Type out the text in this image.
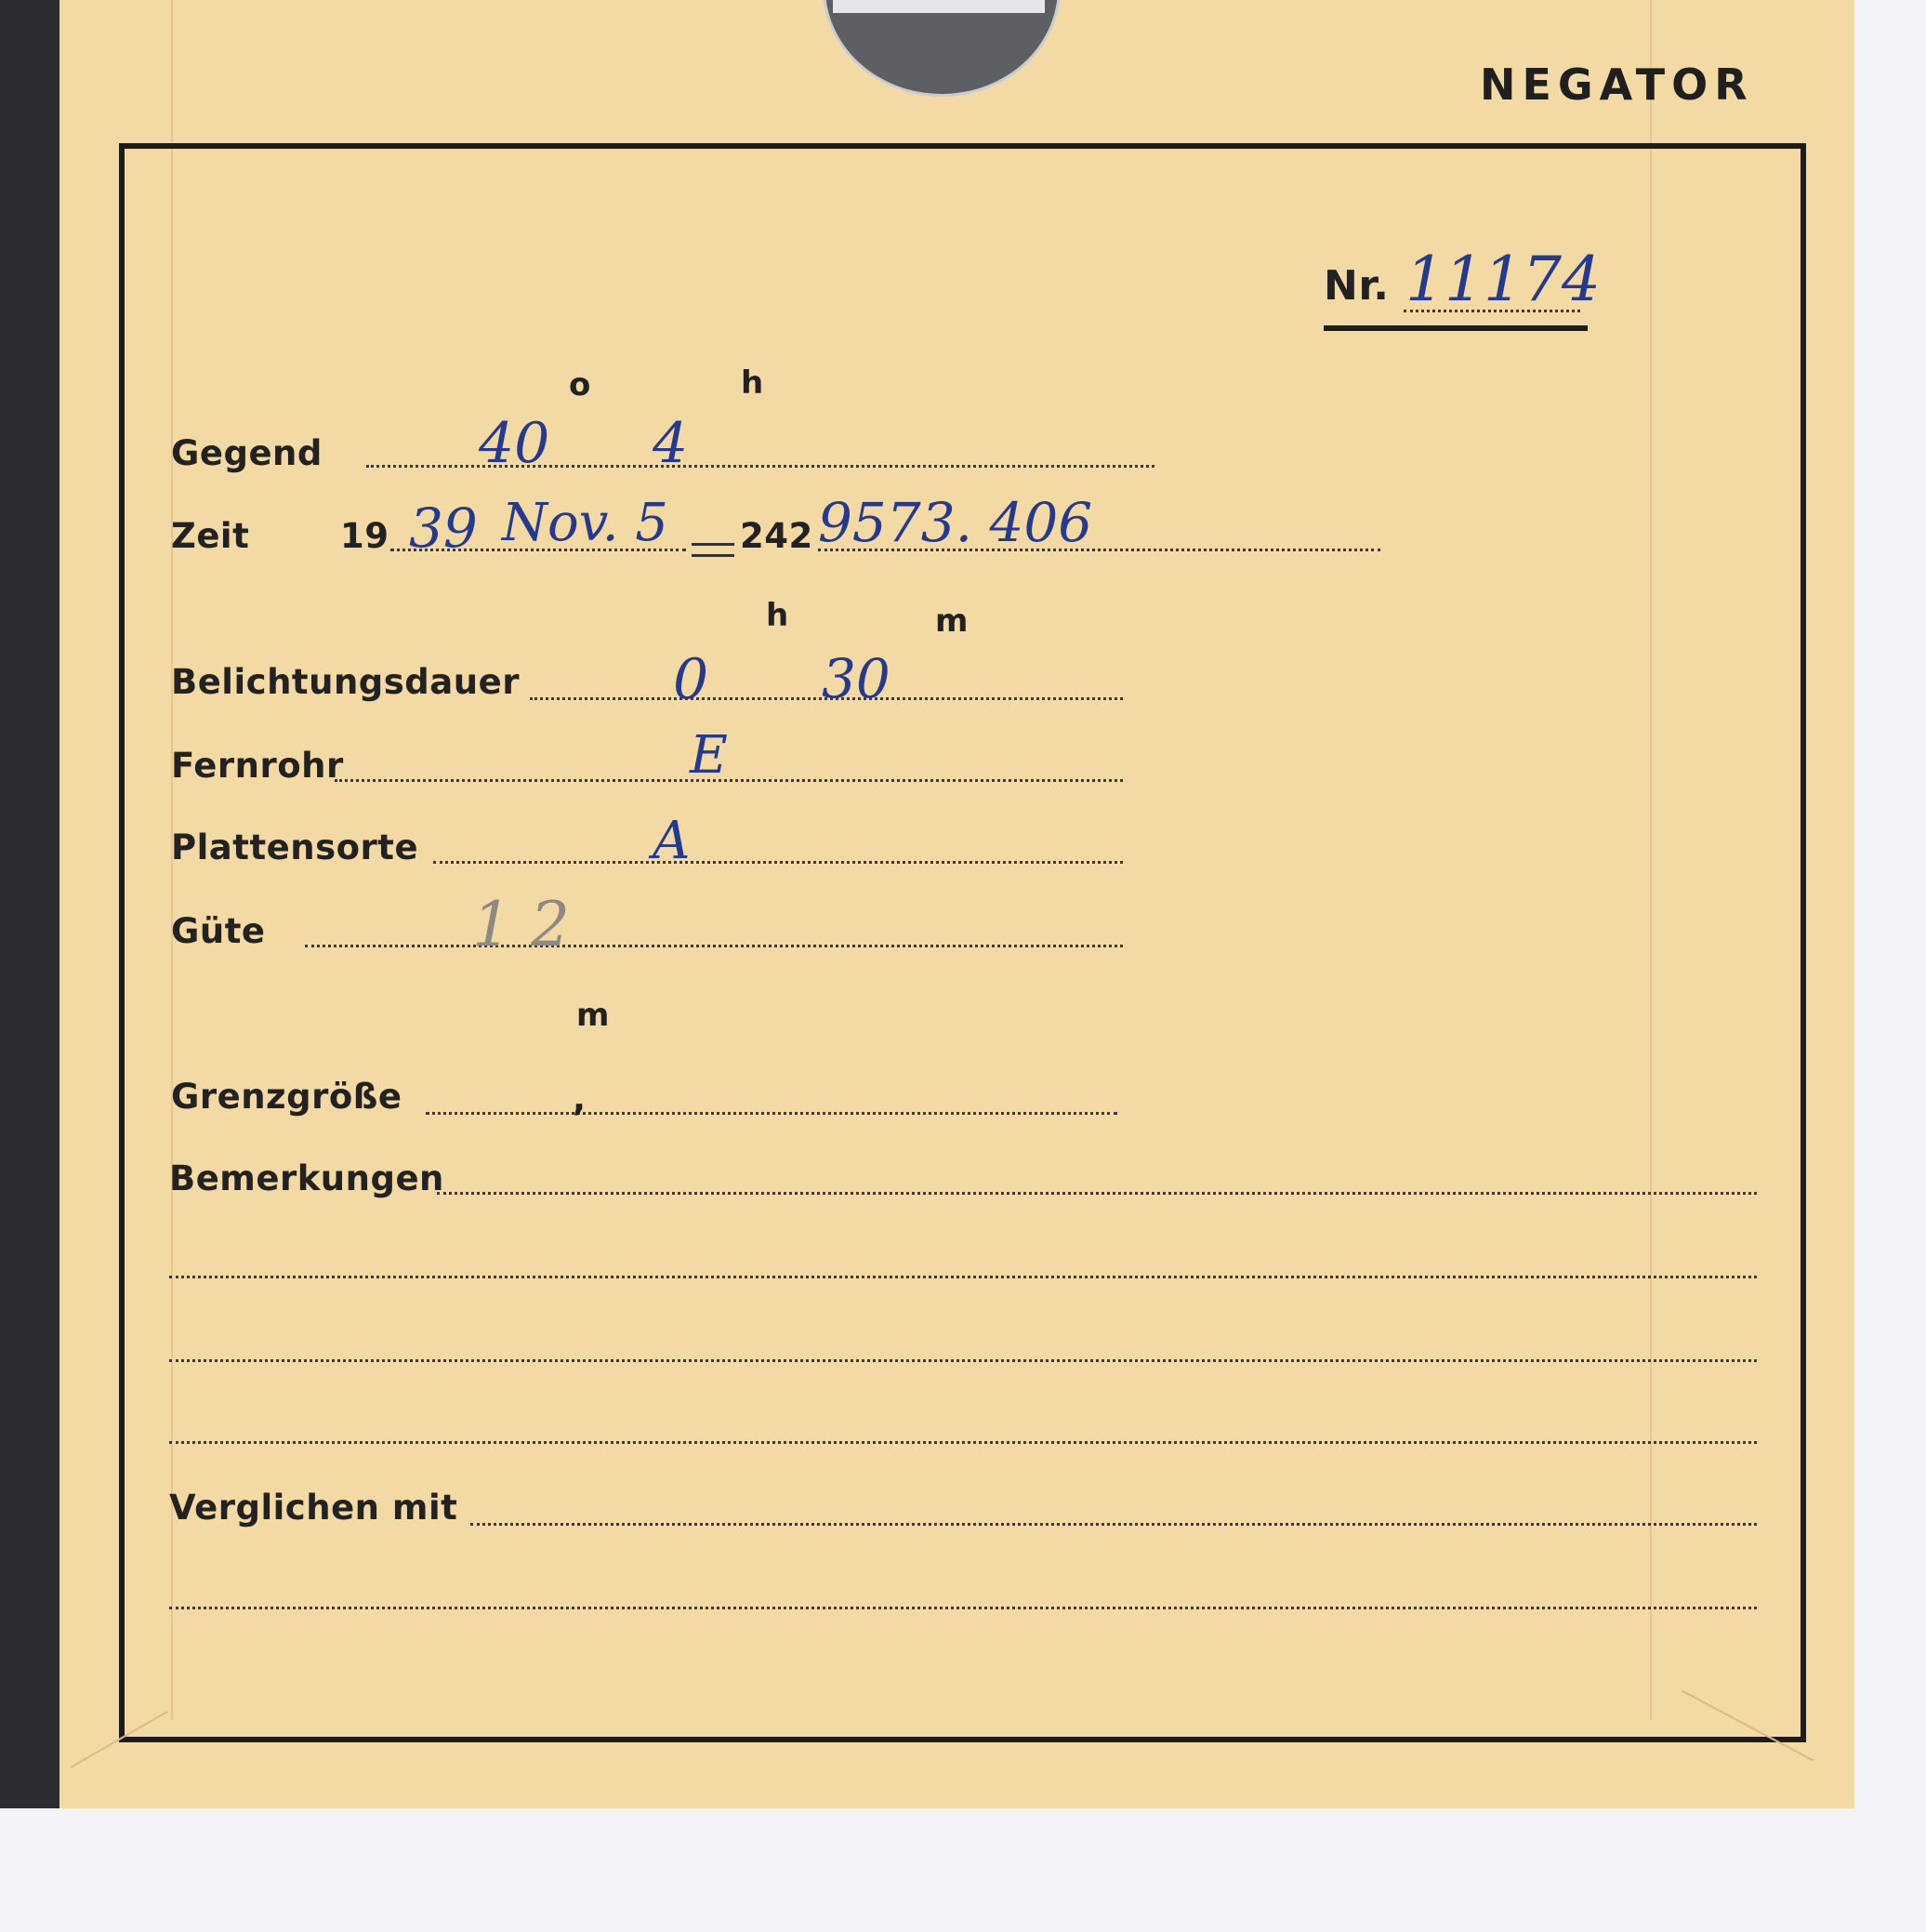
NEGATOR
Nr. 11174
o	h
Gegend	40 4
Zeit	19 39 Nov. 5 242 9573. 406
h	m
Belichtungsdauer	0 30
Fernrohr	E
Plattensorte	A
Güte	1 2
m
Grenzgröße	,
Bemerkungen
Verglichen mit
